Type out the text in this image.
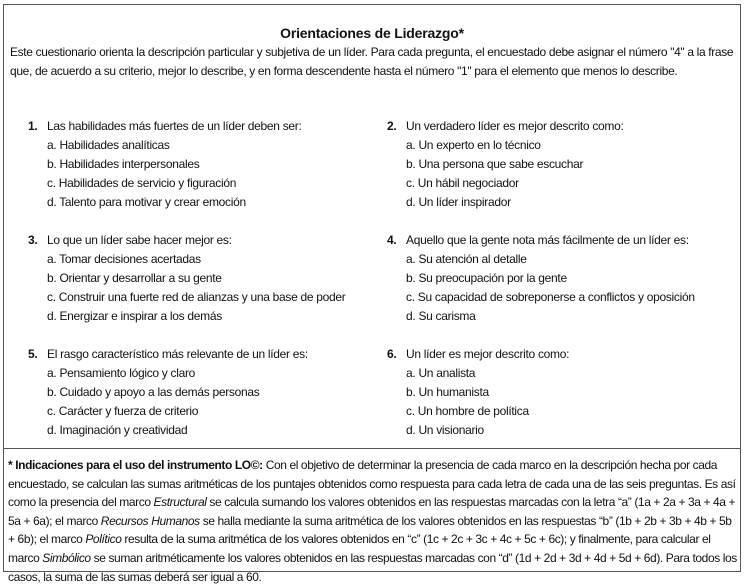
Orientaciones de Liderazgo*
Este cuestionario orienta la descripción particular y subjetiva de un líder. Para cada pregunta, el encuestado debe asignar el número "4" a la frase que, de acuerdo a su criterio, mejor lo describe, y en forma descendente hasta el número "1" para el elemento que menos lo describe.
1. Las habilidades más fuertes de un líder deben ser:
a. Habilidades analíticas
b. Habilidades interpersonales
c. Habilidades de servicio y figuración
d. Talento para motivar y crear emoción
2. Un verdadero líder es mejor descrito como:
a. Un experto en lo técnico
b. Una persona que sabe escuchar
c. Un hábil negociador
d. Un líder inspirador
3. Lo que un líder sabe hacer mejor es:
a. Tomar decisiones acertadas
b. Orientar y desarrollar a su gente
c. Construir una fuerte red de alianzas y una base de poder
d. Energizar e inspirar a los demás
4. Aquello que la gente nota más fácilmente de un líder es:
a. Su atención al detalle
b. Su preocupación por la gente
c. Su capacidad de sobreponerse a conflictos y oposición
d. Su carisma
5. El rasgo característico más relevante de un líder es:
a. Pensamiento lógico y claro
b. Cuidado y apoyo a las demás personas
c. Carácter y fuerza de criterio
d. Imaginación y creatividad
6. Un líder es mejor descrito como:
a. Un analista
b. Un humanista
c. Un hombre de política
d. Un visionario
* Indicaciones para el uso del instrumento LO©: Con el objetivo de determinar la presencia de cada marco en la descripción hecha por cada encuestado, se calculan las sumas aritméticas de los puntajes obtenidos como respuesta para cada letra de cada una de las seis preguntas. Es así como la presencia del marco Estructural se calcula sumando los valores obtenidos en las respuestas marcadas con la letra “a” (1a + 2a + 3a + 4a + 5a + 6a); el marco Recursos Humanos se halla mediante la suma aritmética de los valores obtenidos en las respuestas “b” (1b + 2b + 3b + 4b + 5b + 6b); el marco Político resulta de la suma aritmética de los valores obtenidos en “c” (1c + 2c + 3c + 4c + 5c + 6c); y finalmente, para calcular el marco Simbólico se suman aritméticamente los valores obtenidos en las respuestas marcadas con “d” (1d + 2d + 3d + 4d + 5d + 6d). Para todos los casos, la suma de las sumas deberá ser igual a 60.
